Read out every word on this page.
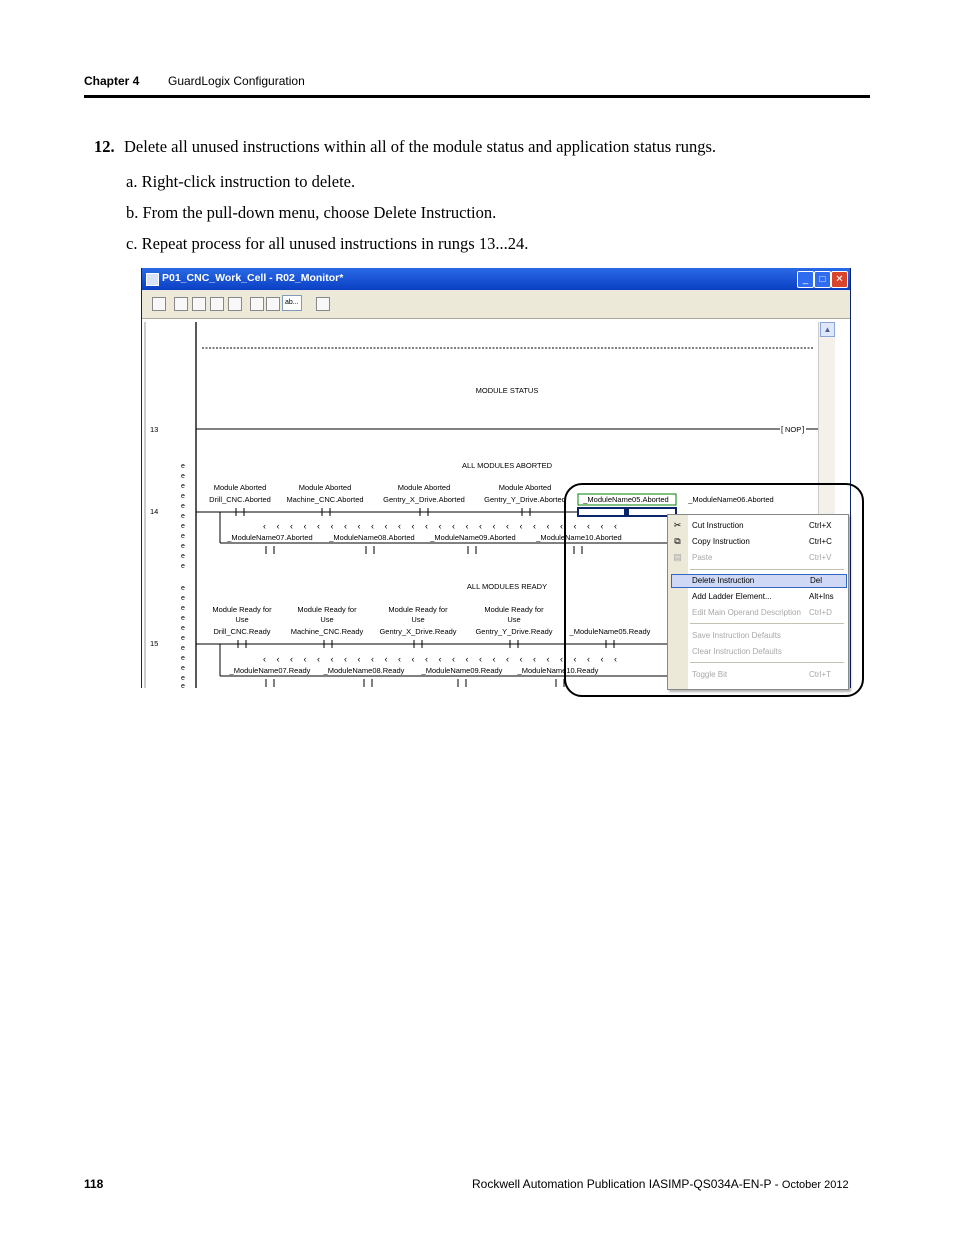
Chapter 4 GuardLogix Configuration
12. Delete all unused instructions within all of the module status and application status rungs.
a. Right-click instruction to delete.
b. From the pull-down menu, choose Delete Instruction.
c. Repeat process for all unused instructions in rungs 13...24.
P01_CNC_Work_Cell - R02_Monitor*	_	□ ✕
ab...
MODULE STATUS
13	[ NOP ]
ALL MODULES ABORTED
Module Aborted
Drill_CNC.Aborted
Module Aborted
Machine_CNC.Aborted
Module Aborted
Gentry_X_Drive.Aborted
Module Aborted
Gentry_Y_Drive.Aborted _ModuleName05.Aborted	_ModuleName06.Aborted
14
‹ ‹ ‹ ‹ ‹ ‹ ‹ ‹ ‹ ‹ ‹ ‹ ‹ ‹ ‹ ‹ ‹ ‹ ‹ ‹ ‹ ‹ ‹ ‹ ‹ ‹ ‹
_ModuleName07.Aborted _ModuleName08.Aborted _ModuleName09.Aborted	_ModuleName10.Aborted
e
e
e
e
e
e
e
e
e
e
e
e
e
e
e
e
e
e
e
e
e
e
ALL MODULES READY
Module Ready for
Use
Drill_CNC.Ready
Module Ready for
Use
Machine_CNC.Ready
Module Ready for
Use
Gentry_X_Drive.Ready
Module Ready for
Use
Gentry_Y_Drive.Ready _ModuleName05.Ready
15
‹ ‹ ‹ ‹ ‹ ‹ ‹ ‹ ‹ ‹ ‹ ‹ ‹ ‹ ‹ ‹ ‹ ‹ ‹ ‹ ‹ ‹ ‹ ‹ ‹ ‹ ‹
_ModuleName07.Ready _ModuleName08.Ready _ModuleName09.Ready _ModuleName10.Ready
▲
✂ Cut Instruction	Ctrl+X
⧉ Copy Instruction	Ctrl+C
▤ Paste	Ctrl+V
Delete Instruction	Del
Add Ladder Element...	Alt+Ins
Edit Main Operand Description Ctrl+D
Save Instruction Defaults
Clear Instruction Defaults
Toggle Bit	Ctrl+T
118	Rockwell Automation Publication IASIMP-QS034A-EN-P - October 2012
